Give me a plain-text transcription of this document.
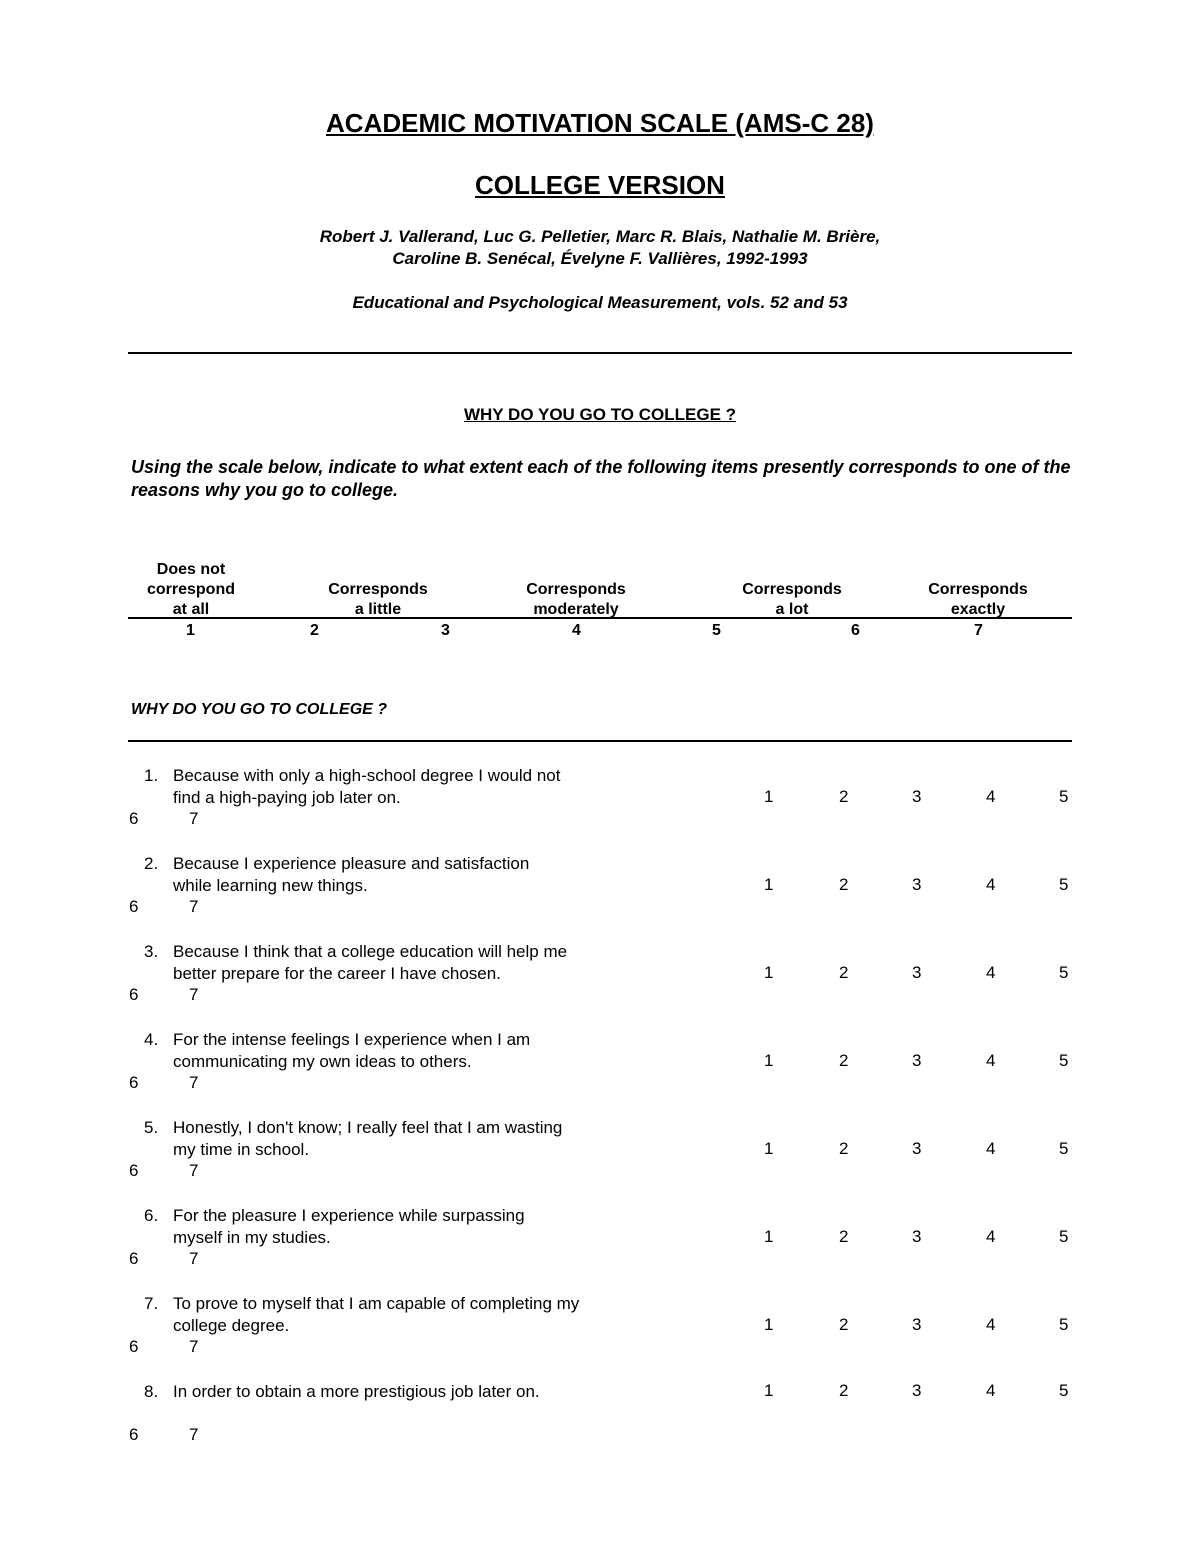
ACADEMIC MOTIVATION SCALE (AMS-C 28)
COLLEGE VERSION
Robert J. Vallerand, Luc G. Pelletier, Marc R. Blais, Nathalie M. Brière,
Caroline B. Senécal, Évelyne F. Vallières, 1992-1993
Educational and Psychological Measurement, vols. 52 and 53
WHY DO YOU GO TO COLLEGE ?
Using the scale below, indicate to what extent each of the following items presently corresponds to one of the reasons why you go to college.
Does not
correspond
at all
Corresponds
a little
Corresponds
moderately
Corresponds
a lot
Corresponds
exactly
1	2	3	4	5	6	7
WHY DO YOU GO TO COLLEGE ?
1. Because with only a high-school degree I would not
find a high-paying job later on.	1	2	3	4	5
6	7
2. Because I experience pleasure and satisfaction
while learning new things.	1	2	3	4	5
6	7
3. Because I think that a college education will help me
better prepare for the career I have chosen.	1	2	3	4	5
6	7
4. For the intense feelings I experience when I am
communicating my own ideas to others.	1	2	3	4	5
6	7
5. Honestly, I don't know; I really feel that I am wasting
my time in school.	1	2	3	4	5
6	7
6. For the pleasure I experience while surpassing
myself in my studies.	1	2	3	4	5
6	7
7. To prove to myself that I am capable of completing my
college degree.	1	2	3	4	5
6	7
8. In order to obtain a more prestigious job later on.	1	2	3	4	5
6	7
